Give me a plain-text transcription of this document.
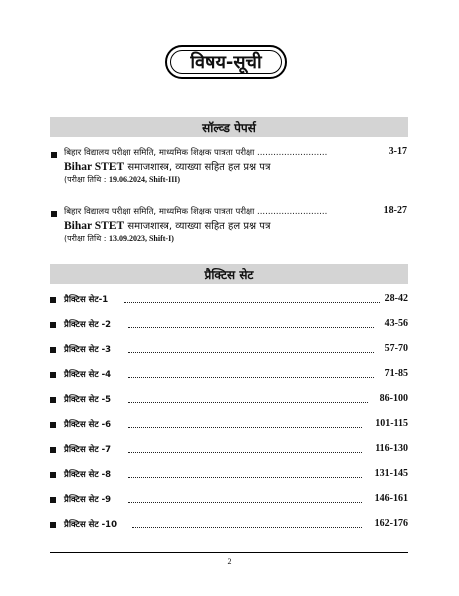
विषय-सूची
सॉल्व्ड पेपर्स
बिहार विद्यालय परीक्षा समिति, माध्यमिक शिक्षक पात्रता परीक्षा ..........................	3-17
Bihar STET समाजशास्त्र, व्याख्या सहित हल प्रश्न पत्र
(परीक्षा तिथि : 19.06.2024, Shift-III)
बिहार विद्यालय परीक्षा समिति, माध्यमिक शिक्षक पात्रता परीक्षा ..........................	18-27
Bihar STET समाजशास्त्र, व्याख्या सहित हल प्रश्न पत्र
(परीक्षा तिथि : 13.09.2023, Shift-I)
प्रैक्टिस सेट
प्रैक्टिस सेट-1	28-42
प्रैक्टिस सेट -2	43-56
प्रैक्टिस सेट -3	57-70
प्रैक्टिस सेट -4	71-85
प्रैक्टिस सेट -5	86-100
प्रैक्टिस सेट -6	101-115
प्रैक्टिस सेट -7	116-130
प्रैक्टिस सेट -8	131-145
प्रैक्टिस सेट -9	146-161
प्रैक्टिस सेट -10	162-176
2
